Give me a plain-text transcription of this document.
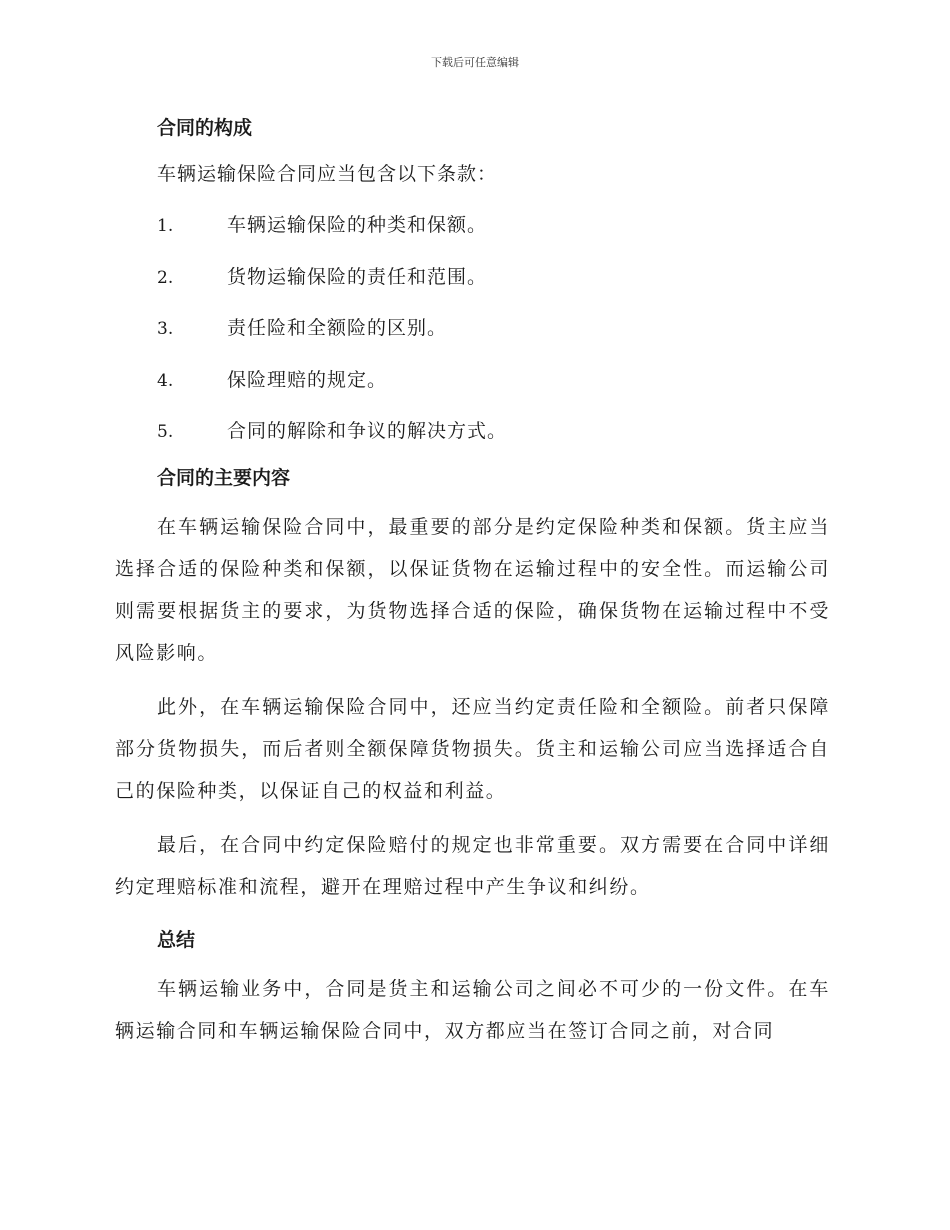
下载后可任意编辑
合同的构成

车辆运输保险合同应当包含以下条款：

1.	车辆运输保险的种类和保额。
2.	货物运输保险的责任和范围。
3.	责任险和全额险的区别。
4.	保险理赔的规定。
5.	合同的解除和争议的解决方式。
合同的主要内容

在车辆运输保险合同中，最重要的部分是约定保险种类和保额。货主应当选择合适的保险种类和保额，以保证货物在运输过程中的安全性。而运输公司则需要根据货主的要求，为货物选择合适的保险，确保货物在运输过程中不受风险影响。

此外，在车辆运输保险合同中，还应当约定责任险和全额险。前者只保障部分货物损失，而后者则全额保障货物损失。货主和运输公司应当选择适合自己的保险种类，以保证自己的权益和利益。

最后，在合同中约定保险赔付的规定也非常重要。双方需要在合同中详细约定理赔标准和流程，避开在理赔过程中产生争议和纠纷。

总结

车辆运输业务中，合同是货主和运输公司之间必不可少的一份文件。在车辆运输合同和车辆运输保险合同中，双方都应当在签订合同之前，对合同
